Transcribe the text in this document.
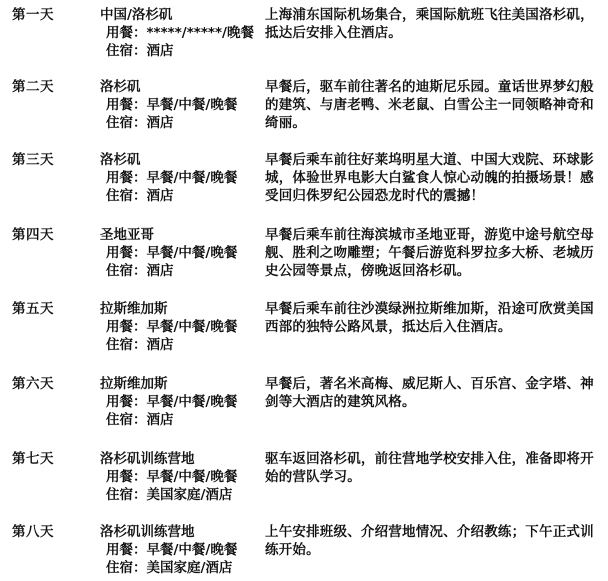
第一天	中国/洛杉矶
用餐：*****/*****/晚餐
住宿：酒店
上海浦东国际机场集合，乘国际航班飞往美国洛杉矶，抵达后安排入住酒店。
第二天	洛杉矶
用餐：早餐/中餐/晚餐
住宿：酒店
早餐后，驱车前往著名的迪斯尼乐园。童话世界梦幻般的建筑、与唐老鸭、米老鼠、白雪公主一同领略神奇和绮丽。
第三天	洛杉矶
用餐：早餐/中餐/晚餐
住宿：酒店
早餐后乘车前往好莱坞明星大道、中国大戏院、环球影城，体验世界电影大白鲨食人惊心动魄的拍摄场景！感受回归侏罗纪公园恐龙时代的震撼！
第四天	圣地亚哥
用餐：早餐/中餐/晚餐
住宿：酒店
早餐后乘车前往海滨城市圣地亚哥，游览中途号航空母舰、胜利之吻雕塑；午餐后游览科罗拉多大桥、老城历史公园等景点，傍晚返回洛杉矶。
第五天	拉斯维加斯
用餐：早餐/中餐/晚餐
住宿：酒店
早餐后乘车前往沙漠绿洲拉斯维加斯，沿途可欣赏美国西部的独特公路风景，抵达后入住酒店。
第六天	拉斯维加斯
用餐：早餐/中餐/晚餐
住宿：酒店
早餐后，著名米高梅、威尼斯人、百乐宫、金字塔、神剑等大酒店的建筑风格。
第七天	洛杉矶训练营地
用餐：早餐/中餐/晚餐
住宿：美国家庭/酒店
驱车返回洛杉矶，前往营地学校安排入住，准备即将开始的营队学习。
第八天	洛杉矶训练营地
用餐：早餐/中餐/晚餐
住宿：美国家庭/酒店
上午安排班级、介绍营地情况、介绍教练；下午正式训练开始。
